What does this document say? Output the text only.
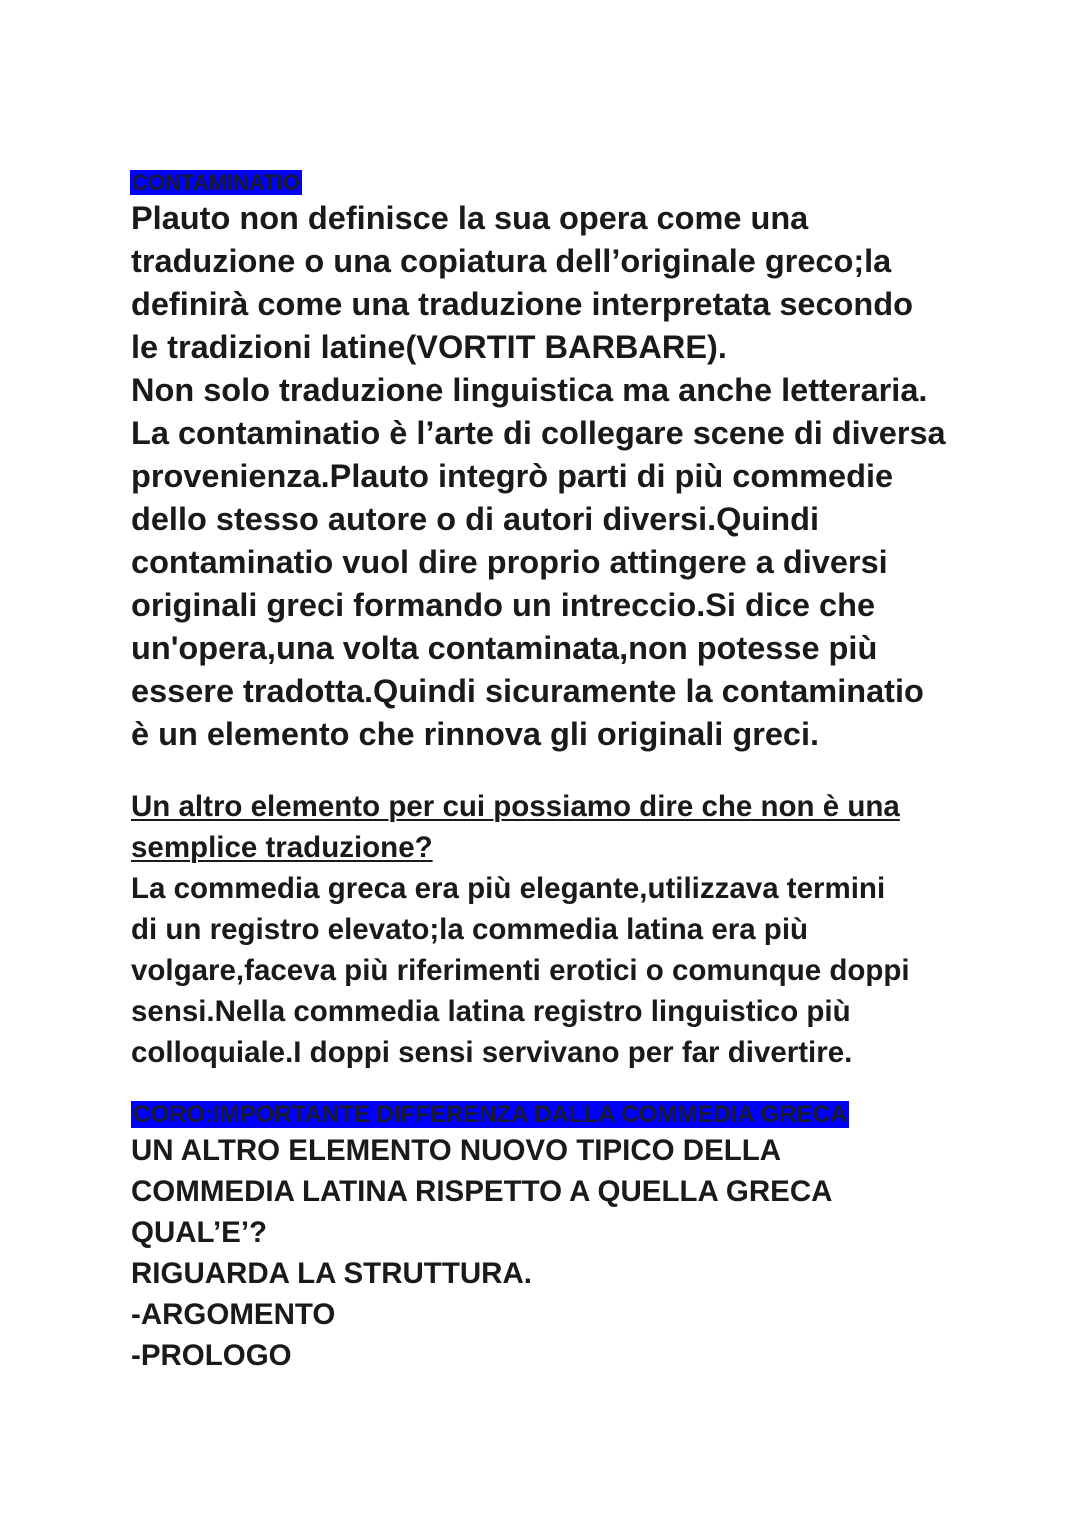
CONTAMINATIO
Plauto non definisce la sua opera come una
traduzione o una copiatura dell’originale greco;la
definirà come una traduzione interpretata secondo
le tradizioni latine(VORTIT BARBARE).
Non solo traduzione linguistica ma anche letteraria.
La contaminatio è l’arte di collegare scene di diversa
provenienza.Plauto integrò parti di più commedie
dello stesso autore o di autori diversi.Quindi
contaminatio vuol dire proprio attingere a diversi
originali greci formando un intreccio.Si dice che
un'opera,una volta contaminata,non potesse più
essere tradotta.Quindi sicuramente la contaminatio
è un elemento che rinnova gli originali greci.
Un altro elemento per cui possiamo dire che non è una
semplice traduzione?
La commedia greca era più elegante,utilizzava termini
di un registro elevato;la commedia latina era più
volgare,faceva più riferimenti erotici o comunque doppi
sensi.Nella commedia latina registro linguistico più
colloquiale.I doppi sensi servivano per far divertire.
CORO:IMPORTANTE DIFFERENZA DALLA COMMEDIA GRECA
UN ALTRO ELEMENTO NUOVO TIPICO DELLA
COMMEDIA LATINA RISPETTO A QUELLA GRECA
QUAL’E’?
RIGUARDA LA STRUTTURA.
-ARGOMENTO
-PROLOGO
